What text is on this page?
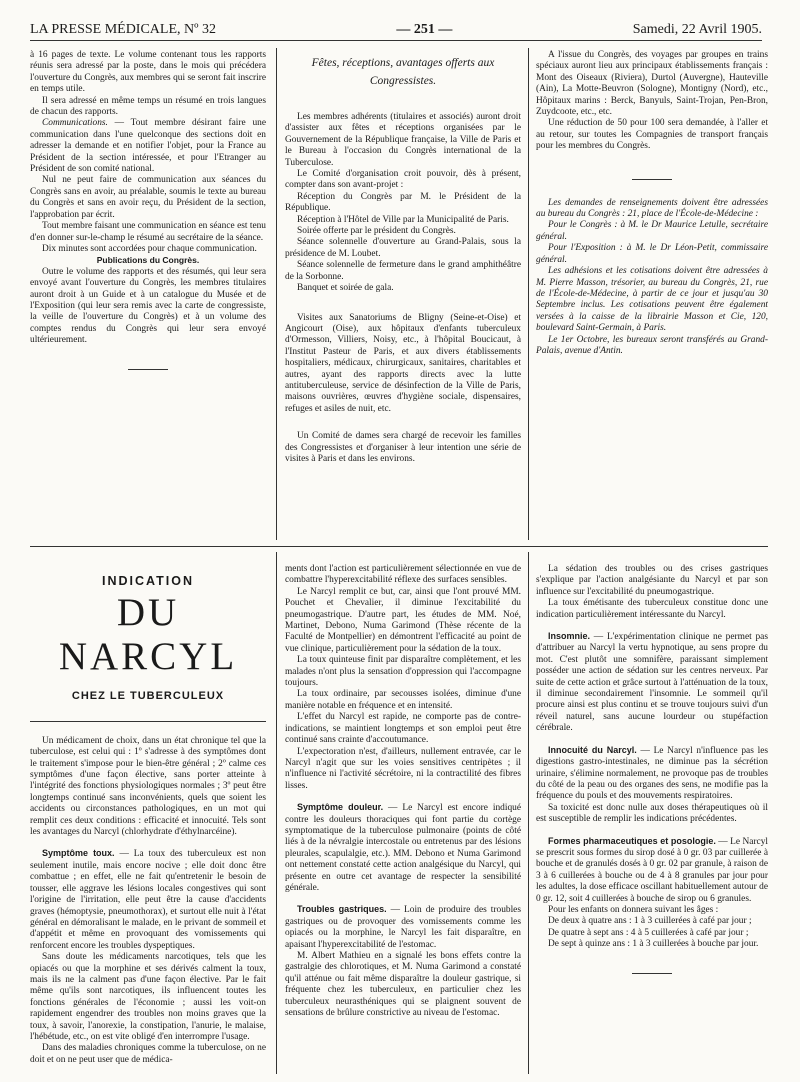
LA PRESSE MÉDICALE, Nº 32	— 251 —	Samedi, 22 Avril 1905.

à 16 pages de texte. Le volume contenant tous les rapports réunis sera adressé par la poste, dans le mois qui précédera l'ouverture du Congrès, aux membres qui se seront fait inscrire en temps utile.

Il sera adressé en même temps un résumé en trois langues de chacun des rapports.

Communications. — Tout membre désirant faire une communication dans l'une quelconque des sections doit en adresser la demande et en notifier l'objet, pour la France au Président de la section intéressée, et pour l'Etranger au Président de son comité national.

Nul ne peut faire de communication aux séances du Congrès sans en avoir, au préalable, soumis le texte au bureau du Congrès et sans en avoir reçu, du Président de la section, l'approbation par écrit.

Tout membre faisant une communication en séance est tenu d'en donner sur-le-champ le résumé au secrétaire de la séance.

Dix minutes sont accordées pour chaque communication.

Publications du Congrès.

Outre le volume des rapports et des résumés, qui leur sera envoyé avant l'ouverture du Congrès, les membres titulaires auront droit à un Guide et à un catalogue du Musée et de l'Exposition (qui leur sera remis avec la carte de congressiste, la veille de l'ouverture du Congrès) et à un volume des comptes rendus du Congrès qui leur sera envoyé ultérieurement.

Fêtes, réceptions, avantages offerts aux Congressistes.

Les membres adhérents (titulaires et associés) auront droit d'assister aux fêtes et réceptions organisées par le Gouvernement de la République française, la Ville de Paris et le Bureau à l'occasion du Congrès international de la Tuberculose.

Le Comité d'organisation croit pouvoir, dès à présent, compter dans son avant-projet :

Réception du Congrès par M. le Président de la République.

Réception à l'Hôtel de Ville par la Municipalité de Paris.

Soirée offerte par le président du Congrès.

Séance solennelle d'ouverture au Grand-Palais, sous la présidence de M. Loubet.

Séance solennelle de fermeture dans le grand amphithéâtre de la Sorbonne.

Banquet et soirée de gala.

Visites aux Sanatoriums de Bligny (Seine-et-Oise) et Angicourt (Oise), aux hôpitaux d'enfants tuberculeux d'Ormesson, Villiers, Noisy, etc., à l'hôpital Boucicaut, à l'Institut Pasteur de Paris, et aux divers établissements hospitaliers, médicaux, chirurgicaux, sanitaires, charitables et autres, ayant des rapports directs avec la lutte antituberculeuse, service de désinfection de la Ville de Paris, maisons ouvrières, œuvres d'hygiène sociale, dispensaires, refuges et asiles de nuit, etc.

Un Comité de dames sera chargé de recevoir les familles des Congressistes et d'organiser à leur intention une série de visites à Paris et dans les environs.

A l'issue du Congrès, des voyages par groupes en trains spéciaux auront lieu aux principaux établissements français : Mont des Oiseaux (Riviera), Durtol (Auvergne), Hauteville (Ain), La Motte-Beuvron (Sologne), Montigny (Nord), etc., Hôpitaux marins : Berck, Banyuls, Saint-Trojan, Pen-Bron, Zuydcoote, etc., etc.

Une réduction de 50 pour 100 sera demandée, à l'aller et au retour, sur toutes les Compagnies de transport français pour les membres du Congrès.

Les demandes de renseignements doivent être adressées au bureau du Congrès : 21, place de l'École-de-Médecine :

Pour le Congrès : à M. le Dr Maurice Letulle, secrétaire général.

Pour l'Exposition : à M. le Dr Léon-Petit, commissaire général.

Les adhésions et les cotisations doivent être adressées à M. Pierre Masson, trésorier, au bureau du Congrès, 21, rue de l'École-de-Médecine, à partir de ce jour et jusqu'au 30 Septembre inclus. Les cotisations peuvent être également versées à la caisse de la librairie Masson et Cie, 120, boulevard Saint-Germain, à Paris.

Le 1er Octobre, les bureaux seront transférés au Grand-Palais, avenue d'Antin.

INDICATION
DU NARCYL
CHEZ LE TUBERCULEUX

Un médicament de choix, dans un état chronique tel que la tuberculose, est celui qui : 1º s'adresse à des symptômes dont le traitement s'impose pour le bien-être général ; 2º calme ces symptômes d'une façon élective, sans porter atteinte à l'intégrité des fonctions physiologiques normales ; 3º peut être longtemps continué sans inconvénients, quels que soient les accidents ou circonstances pathologiques, en un mot qui remplit ces deux conditions : efficacité et innocuité. Tels sont les avantages du Narcyl (chlorhydrate d'éthylnarcéine).

Symptôme toux. — La toux des tuberculeux est non seulement inutile, mais encore nocive ; elle doit donc être combattue ; en effet, elle ne fait qu'entretenir le besoin de tousser, elle aggrave les lésions locales congestives qui sont l'origine de l'irritation, elle peut être la cause d'accidents graves (hémoptysie, pneumothorax), et surtout elle nuit à l'état général en démoralisant le malade, en le privant de sommeil et d'appétit et même en provoquant des vomissements qui renforcent encore les troubles dyspeptiques.

Sans doute les médicaments narcotiques, tels que les opiacés ou que la morphine et ses dérivés calment la toux, mais ils ne la calment pas d'une façon élective. Par le fait même qu'ils sont narcotiques, ils influencent toutes les fonctions générales de l'économie ; aussi les voit-on rapidement engendrer des troubles non moins graves que la toux, à savoir, l'anorexie, la constipation, l'anurie, le malaise, l'hébétude, etc., on est vite obligé d'en interrompre l'usage.

Dans des maladies chroniques comme la tuberculose, on ne doit et on ne peut user que de médica-

ments dont l'action est particulièrement sélectionnée en vue de combattre l'hyperexcitabilité réflexe des surfaces sensibles.

Le Narcyl remplit ce but, car, ainsi que l'ont prouvé MM. Pouchet et Chevalier, il diminue l'excitabilité du pneumogastrique. D'autre part, les études de MM. Noé, Martinet, Debono, Numa Garimond (Thèse récente de la Faculté de Montpellier) en démontrent l'efficacité au point de vue clinique, particulièrement pour la sédation de la toux.

La toux quinteuse finit par disparaître complètement, et les malades n'ont plus la sensation d'oppression qui l'accompagne toujours.

La toux ordinaire, par secousses isolées, diminue d'une manière notable en fréquence et en intensité.

L'effet du Narcyl est rapide, ne comporte pas de contre-indications, se maintient longtemps et son emploi peut être continué sans crainte d'accoutumance.

L'expectoration n'est, d'ailleurs, nullement entravée, car le Narcyl n'agit que sur les voies sensitives centripètes ; il n'influence ni l'activité sécrétoire, ni la contractilité des fibres lisses.

Symptôme douleur. — Le Narcyl est encore indiqué contre les douleurs thoraciques qui font partie du cortège symptomatique de la tuberculose pulmonaire (points de côté liés à de la névralgie intercostale ou entretenus par des lésions pleurales, scapulalgie, etc.). MM. Debono et Numa Garimond ont nettement constaté cette action analgésique du Narcyl, qui présente en outre cet avantage de respecter la sensibilité générale.

Troubles gastriques. — Loin de produire des troubles gastriques ou de provoquer des vomissements comme les opiacés ou la morphine, le Narcyl les fait disparaître, en apaisant l'hyperexcitabilité de l'estomac.

M. Albert Mathieu en a signalé les bons effets contre la gastralgie des chlorotiques, et M. Numa Garimond a constaté qu'il atténue ou fait même disparaître la douleur gastrique, si fréquente chez les tuberculeux, en particulier chez les tuberculeux neurasthéniques qui se plaignent souvent de sensations de brûlure constrictive au niveau de l'estomac.

La sédation des troubles ou des crises gastriques s'explique par l'action analgésiante du Narcyl et par son influence sur l'excitabilité du pneumogastrique.

La toux émétisante des tuberculeux constitue donc une indication particulièrement intéressante du Narcyl.

Insomnie. — L'expérimentation clinique ne permet pas d'attribuer au Narcyl la vertu hypnotique, au sens propre du mot. C'est plutôt une somnifère, paraissant simplement posséder une action de sédation sur les centres nerveux. Par suite de cette action et grâce surtout à l'atténuation de la toux, il diminue secondairement l'insomnie. Le sommeil qu'il procure ainsi est plus continu et se trouve toujours suivi d'un réveil naturel, sans aucune lourdeur ou stupéfaction cérébrale.

Innocuité du Narcyl. — Le Narcyl n'influence pas les digestions gastro-intestinales, ne diminue pas la sécrétion urinaire, s'élimine normalement, ne provoque pas de troubles du côté de la peau ou des organes des sens, ne modifie pas la fréquence du pouls et des mouvements respiratoires.

Sa toxicité est donc nulle aux doses thérapeutiques où il est susceptible de remplir les indications précédentes.

Formes pharmaceutiques et posologie. — Le Narcyl se prescrit sous formes du sirop dosé à 0 gr. 03 par cuillerée à bouche et de granulés dosés à 0 gr. 02 par granule, à raison de 3 à 6 cuillerées à bouche ou de 4 à 8 granules par jour pour les adultes, la dose efficace oscillant habituellement autour de 0 gr. 12, soit 4 cuillerées à bouche de sirop ou 6 granules.

Pour les enfants on donnera suivant les âges :

De deux à quatre ans : 1 à 3 cuillerées à café par jour ;

De quatre à sept ans : 4 à 5 cuillerées à café par jour ;

De sept à quinze ans : 1 à 3 cuillerées à bouche par jour.
